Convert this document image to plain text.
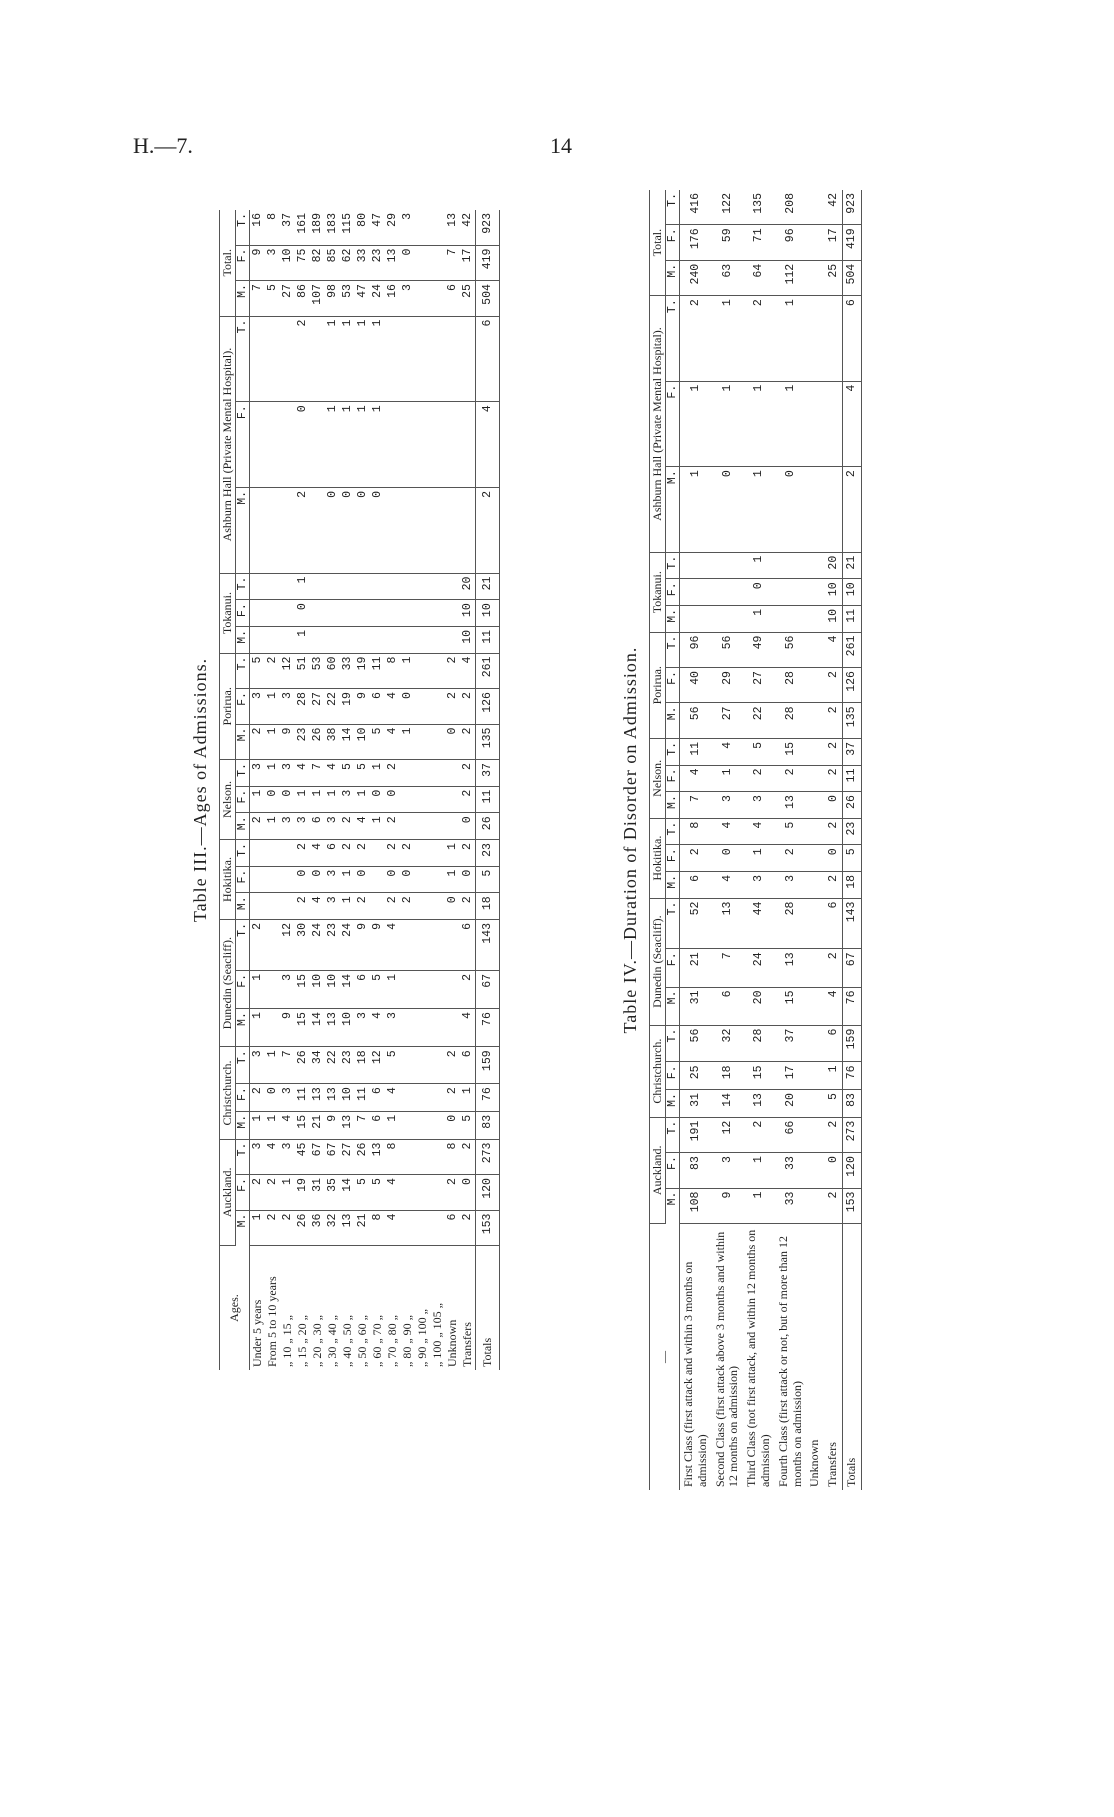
H.—7.	14
Table III.—Ages of Admissions.
Ages.	Auckland.			Christchurch.			Dunedin (Seacliff).			Hokitika.			Nelson.			Porirua.			Tokanui.			Ashburn Hall (Private Mental Hospital).			Total.		
	M.	F.	T.	M.	F.	T.	M.	F.	T.	M.	F.	T.	M.	F.	T.	M.	F.	T.	M.	F.	T.	M.	F.	T.	M.	F.	T.
Under 5 years	1	2	3	1	2	3	1	1	2				2	1	3	2	3	5							7	9	16
From 5 to 10 years	2	2	4	1	0	1							1	0	1	1	1	2							5	3	8
„ 10 „ 15 „	2	1	3	4	3	7	9	3	12				3	0	3	9	3	12							27	10	37
„ 15 „ 20 „	26	19	45	15	11	26	15	15	30	2	0	2	3	1	4	23	28	51	1	0	1	2	0	2	86	75	161
„ 20 „ 30 „	36	31	67	21	13	34	14	10	24	4	0	4	6	1	7	26	27	53							107	82	189
„ 30 „ 40 „	32	35	67	9	13	22	13	10	23	3	3	6	3	1	4	38	22	60				0	1	1	98	85	183
„ 40 „ 50 „	13	14	27	13	10	23	10	14	24	1	1	2	2	3	5	14	19	33				0	1	1	53	62	115
„ 50 „ 60 „	21	5	26	7	11	18	3	6	9	2	0	2	4	1	5	10	9	19				0	1	1	47	33	80
„ 60 „ 70 „	8	5	13	6	6	12	4	5	9				1	0	1	5	6	11				0	1	1	24	23	47
„ 70 „ 80 „	4	4	8	1	4	5	3	1	4	2	0	2	2	0	2	4	4	8							16	13	29
„ 80 „ 90 „										2	0	2				1	0	1							3	0	3
„ 90 „ 100 „																											
„ 100 „ 105 „																											
Unknown	6	2	8	0	2	2				0	1	1				0	2	2							6	7	13
Transfers	2	0	2	5	1	6	4	2	6	2	0	2	0	2	2	2	2	4	10	10	20				25	17	42
Totals	153	120	273	83	76	159	76	67	143	18	5	23	26	11	37	135	126	261	11	10	21	2	4	6	504	419	923
Table IV.—Duration of Disorder on Admission.
—	Auckland.			Christchurch.			Dunedin (Seacliff).			Hokitika.			Nelson.			Porirua.			Tokanui.			Ashburn Hall (Private Mental Hospital).			Total.		
	M.	F.	T.	M.	F.	T.	M.	F.	T.	M.	F.	T.	M.	F.	T.	M.	F.	T.	M.	F.	T.	M.	F.	T.	M.	F.	T.
First Class (first attack and within 3 months on admission)	108	83	191	31	25	56	31	21	52	6	2	8	7	4	11	56	40	96				1	1	2	240	176	416
Second Class (first attack above 3 months and within 12 months on admission)	9	3	12	14	18	32	6	7	13	4	0	4	3	1	4	27	29	56				0	1	1	63	59	122
Third Class (not first attack, and within 12 months on admission)	1	1	2	13	15	28	20	24	44	3	1	4	3	2	5	22	27	49	1	0	1	1	1	2	64	71	135
Fourth Class (first attack or not, but of more than 12 months on admission)	33	33	66	20	17	37	15	13	28	3	2	5	13	2	15	28	28	56				0	1	1	112	96	208
Unknown																											
Transfers	2	0	2	5	1	6	4	2	6	2	0	2	0	2	2	2	2	4	10	10	20				25	17	42
Totals	153	120	273	83	76	159	76	67	143	18	5	23	26	11	37	135	126	261	11	10	21	2	4	6	504	419	923
